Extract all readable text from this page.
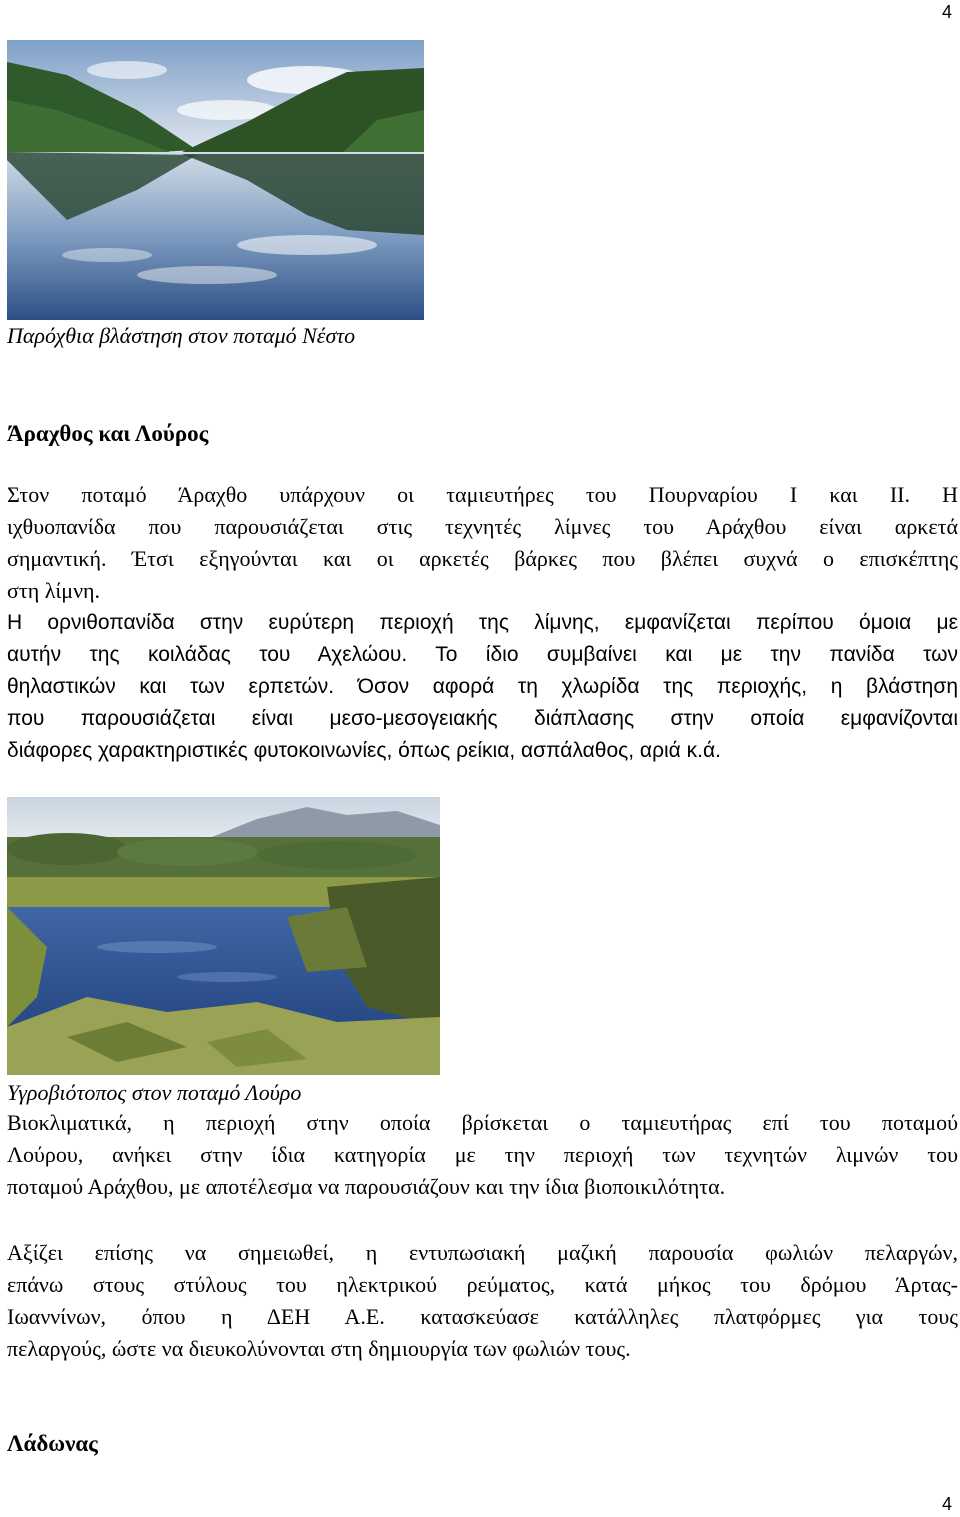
4
Παρόχθια βλάστηση στον ποταμό Νέστο
Άραχθος και Λούρος
Στον ποταμό Άραχθο υπάρχουν οι ταμιευτήρες του Πουρναρίου Ι και ΙΙ. Η
ιχθυοπανίδα που παρουσιάζεται στις τεχνητές λίμνες του Αράχθου είναι αρκετά
σημαντική. Έτσι εξηγούνται και οι αρκετές βάρκες που βλέπει συχνά ο επισκέπτης
στη λίμνη.
Η ορνιθοπανίδα στην ευρύτερη περιοχή της λίμνης, εμφανίζεται περίπου όμοια με
αυτήν της κοιλάδας του Αχελώου. Το ίδιο συμβαίνει και με την πανίδα των
θηλαστικών και των ερπετών. Όσον αφορά τη χλωρίδα της περιοχής, η βλάστηση
που παρουσιάζεται είναι μεσο-μεσογειακής διάπλασης στην οποία εμφανίζονται
διάφορες χαρακτηριστικές φυτοκοινωνίες, όπως ρείκια, ασπάλαθος, αριά κ.ά.
Υγροβιότοπος στον ποταμό Λούρο
Βιοκλιματικά, η περιοχή στην οποία βρίσκεται ο ταμιευτήρας επί του ποταμού
Λούρου, ανήκει στην ίδια κατηγορία με την περιοχή των τεχνητών λιμνών του
ποταμού Αράχθου, με αποτέλεσμα να παρουσιάζουν και την ίδια βιοποικιλότητα.
Αξίζει επίσης να σημειωθεί, η εντυπωσιακή μαζική παρουσία φωλιών πελαργών,
επάνω στους στύλους του ηλεκτρικού ρεύματος, κατά μήκος του δρόμου Άρτας-
Ιωαννίνων, όπου η ΔΕΗ Α.Ε. κατασκεύασε κατάλληλες πλατφόρμες για τους
πελαργούς, ώστε να διευκολύνονται στη δημιουργία των φωλιών τους.
Λάδωνας
4
